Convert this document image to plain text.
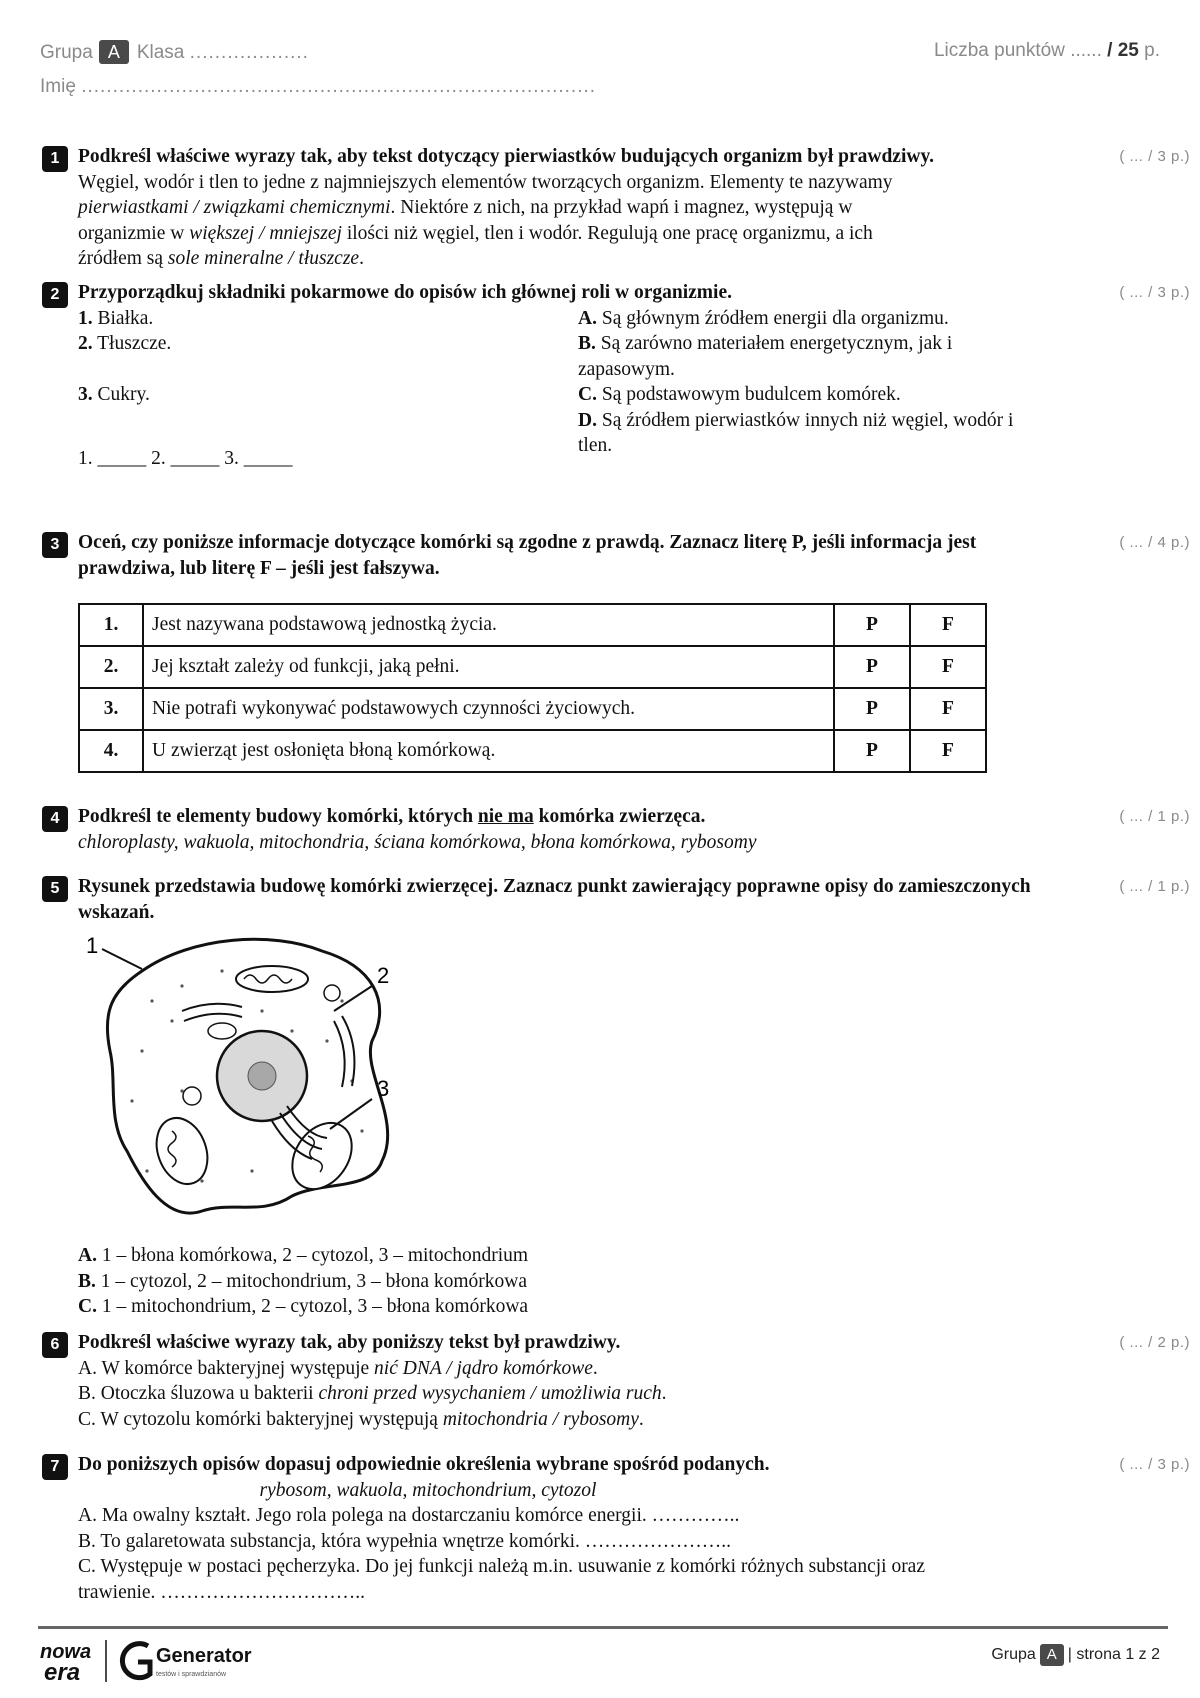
Grupa A Klasa ...................
Imię ..................................................................................
Liczba punktów ...... / 25 p.
1	( ... / 3 p.)
Podkreśl właściwe wyrazy tak, aby tekst dotyczący pierwiastków budujących organizm był prawdziwy.
Węgiel, wodór i tlen to jedne z najmniejszych elementów tworzących organizm. Elementy te nazywamy
pierwiastkami / związkami chemicznymi. Niektóre z nich, na przykład wapń i magnez, występują w
organizmie w większej / mniejszej ilości niż węgiel, tlen i wodór. Regulują one pracę organizmu, a ich
źródłem są sole mineralne / tłuszcze.
2	( ... / 3 p.)
Przyporządkuj składniki pokarmowe do opisów ich głównej roli w organizmie.
1. Białka.
2. Tłuszcze.
3. Cukry.
A. Są głównym źródłem energii dla organizmu.
B. Są zarówno materiałem energetycznym, jak i zapasowym.
C. Są podstawowym budulcem komórek.
D. Są źródłem pierwiastków innych niż węgiel, wodór i tlen.
1. _____ 2. _____ 3. _____
3	( ... / 4 p.)
Oceń, czy poniższe informacje dotyczące komórki są zgodne z prawdą. Zaznacz literę P, jeśli informacja jest prawdziwa, lub literę F – jeśli jest fałszywa.
1.	Jest nazywana podstawową jednostką życia.	P	F
2.	Jej kształt zależy od funkcji, jaką pełni.	P	F
3.	Nie potrafi wykonywać podstawowych czynności życiowych.	P	F
4.	U zwierząt jest osłonięta błoną komórkową.	P	F
4	( ... / 1 p.)
Podkreśl te elementy budowy komórki, których nie ma komórka zwierzęca.
chloroplasty, wakuola, mitochondria, ściana komórkowa, błona komórkowa, rybosomy
5	( ... / 1 p.)
Rysunek przedstawia budowę komórki zwierzęcej. Zaznacz punkt zawierający poprawne opisy do zamieszczonych wskazań.
1
2
3
A. 1 – błona komórkowa, 2 – cytozol, 3 – mitochondrium
B. 1 – cytozol, 2 – mitochondrium, 3 – błona komórkowa
C. 1 – mitochondrium, 2 – cytozol, 3 – błona komórkowa
6	( ... / 2 p.)
Podkreśl właściwe wyrazy tak, aby poniższy tekst był prawdziwy.
A. W komórce bakteryjnej występuje nić DNA / jądro komórkowe.
B. Otoczka śluzowa u bakterii chroni przed wysychaniem / umożliwia ruch.
C. W cytozolu komórki bakteryjnej występują mitochondria / rybosomy.
7	( ... / 3 p.)
Do poniższych opisów dopasuj odpowiednie określenia wybrane spośród podanych.
rybosom, wakuola, mitochondrium, cytozol
A. Ma owalny kształt. Jego rola polega na dostarczaniu komórce energii. …………..
B. To galaretowata substancja, która wypełnia wnętrze komórki. …………………..
C. Występuje w postaci pęcherzyka. Do jej funkcji należą m.in. usuwanie z komórki różnych substancji oraz
trawienie. …………………………..
nowa
era
Generator
testów i sprawdzianów
Grupa A | strona 1 z 2
